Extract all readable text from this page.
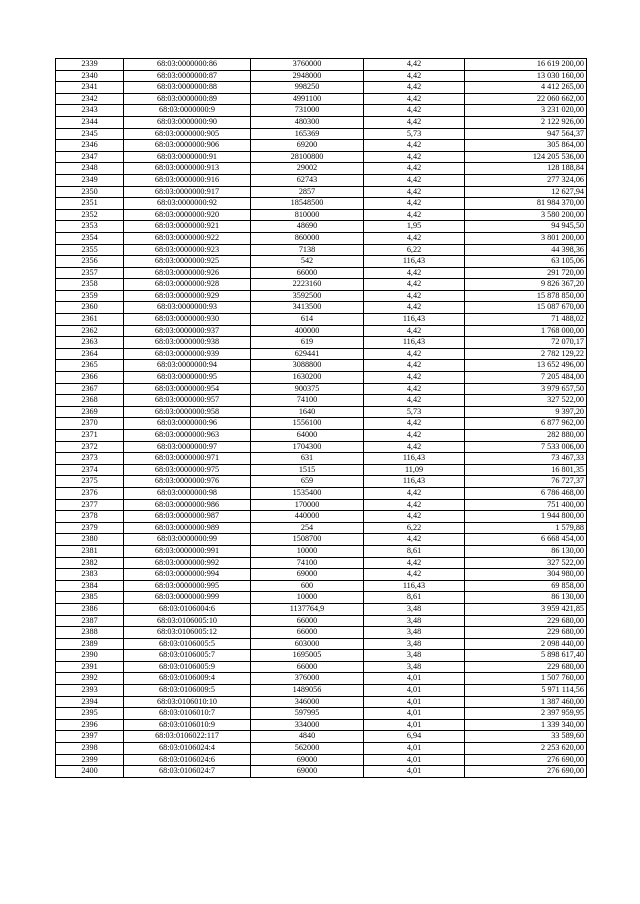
2339	68:03:0000000:86	3760000	4,42	16 619 200,00
2340	68:03:0000000:87	2948000	4,42	13 030 160,00
2341	68:03:0000000:88	998250	4,42	4 412 265,00
2342	68:03:0000000:89	4991100	4,42	22 060 662,00
2343	68:03:0000000:9	731000	4,42	3 231 020,00
2344	68:03:0000000:90	480300	4,42	2 122 926,00
2345	68:03:0000000:905	165369	5,73	947 564,37
2346	68:03:0000000:906	69200	4,42	305 864,00
2347	68:03:0000000:91	28100800	4,42	124 205 536,00
2348	68:03:0000000:913	29002	4,42	128 188,84
2349	68:03:0000000:916	62743	4,42	277 324,06
2350	68:03:0000000:917	2857	4,42	12 627,94
2351	68:03:0000000:92	18548500	4,42	81 984 370,00
2352	68:03:0000000:920	810000	4,42	3 580 200,00
2353	68:03:0000000:921	48690	1,95	94 945,50
2354	68:03:0000000:922	860000	4,42	3 801 200,00
2355	68:03:0000000:923	7138	6,22	44 398,36
2356	68:03:0000000:925	542	116,43	63 105,06
2357	68:03:0000000:926	66000	4,42	291 720,00
2358	68:03:0000000:928	2223160	4,42	9 826 367,20
2359	68:03:0000000:929	3592500	4,42	15 878 850,00
2360	68:03:0000000:93	3413500	4,42	15 087 670,00
2361	68:03:0000000:930	614	116,43	71 488,02
2362	68:03:0000000:937	400000	4,42	1 768 000,00
2363	68:03:0000000:938	619	116,43	72 070,17
2364	68:03:0000000:939	629441	4,42	2 782 129,22
2365	68:03:0000000:94	3088800	4,42	13 652 496,00
2366	68:03:0000000:95	1630200	4,42	7 205 484,00
2367	68:03:0000000:954	900375	4,42	3 979 657,50
2368	68:03:0000000:957	74100	4,42	327 522,00
2369	68:03:0000000:958	1640	5,73	9 397,20
2370	68:03:0000000:96	1556100	4,42	6 877 962,00
2371	68:03:0000000:963	64000	4,42	282 880,00
2372	68:03:0000000:97	1704300	4,42	7 533 006,00
2373	68:03:0000000:971	631	116,43	73 467,33
2374	68:03:0000000:975	1515	11,09	16 801,35
2375	68:03:0000000:976	659	116,43	76 727,37
2376	68:03:0000000:98	1535400	4,42	6 786 468,00
2377	68:03:0000000:986	170000	4,42	751 400,00
2378	68:03:0000000:987	440000	4,42	1 944 800,00
2379	68:03:0000000:989	254	6,22	1 579,88
2380	68:03:0000000:99	1508700	4,42	6 668 454,00
2381	68:03:0000000:991	10000	8,61	86 130,00
2382	68:03:0000000:992	74100	4,42	327 522,00
2383	68:03:0000000:994	69000	4,42	304 980,00
2384	68:03:0000000:995	600	116,43	69 858,00
2385	68:03:0000000:999	10000	8,61	86 130,00
2386	68:03:0106004:6	1137764,9	3,48	3 959 421,85
2387	68:03:0106005:10	66000	3,48	229 680,00
2388	68:03:0106005:12	66000	3,48	229 680,00
2389	68:03:0106005:5	603000	3,48	2 098 440,00
2390	68:03:0106005:7	1695005	3,48	5 898 617,40
2391	68:03:0106005:9	66000	3,48	229 680,00
2392	68:03:0106009:4	376000	4,01	1 507 760,00
2393	68:03:0106009:5	1489056	4,01	5 971 114,56
2394	68:03:0106010:10	346000	4,01	1 387 460,00
2395	68:03:0106010:7	597995	4,01	2 397 959,95
2396	68:03:0106010:9	334000	4,01	1 339 340,00
2397	68:03:0106022:117	4840	6,94	33 589,60
2398	68:03:0106024:4	562000	4,01	2 253 620,00
2399	68:03:0106024:6	69000	4,01	276 690,00
2400	68:03:0106024:7	69000	4,01	276 690,00
